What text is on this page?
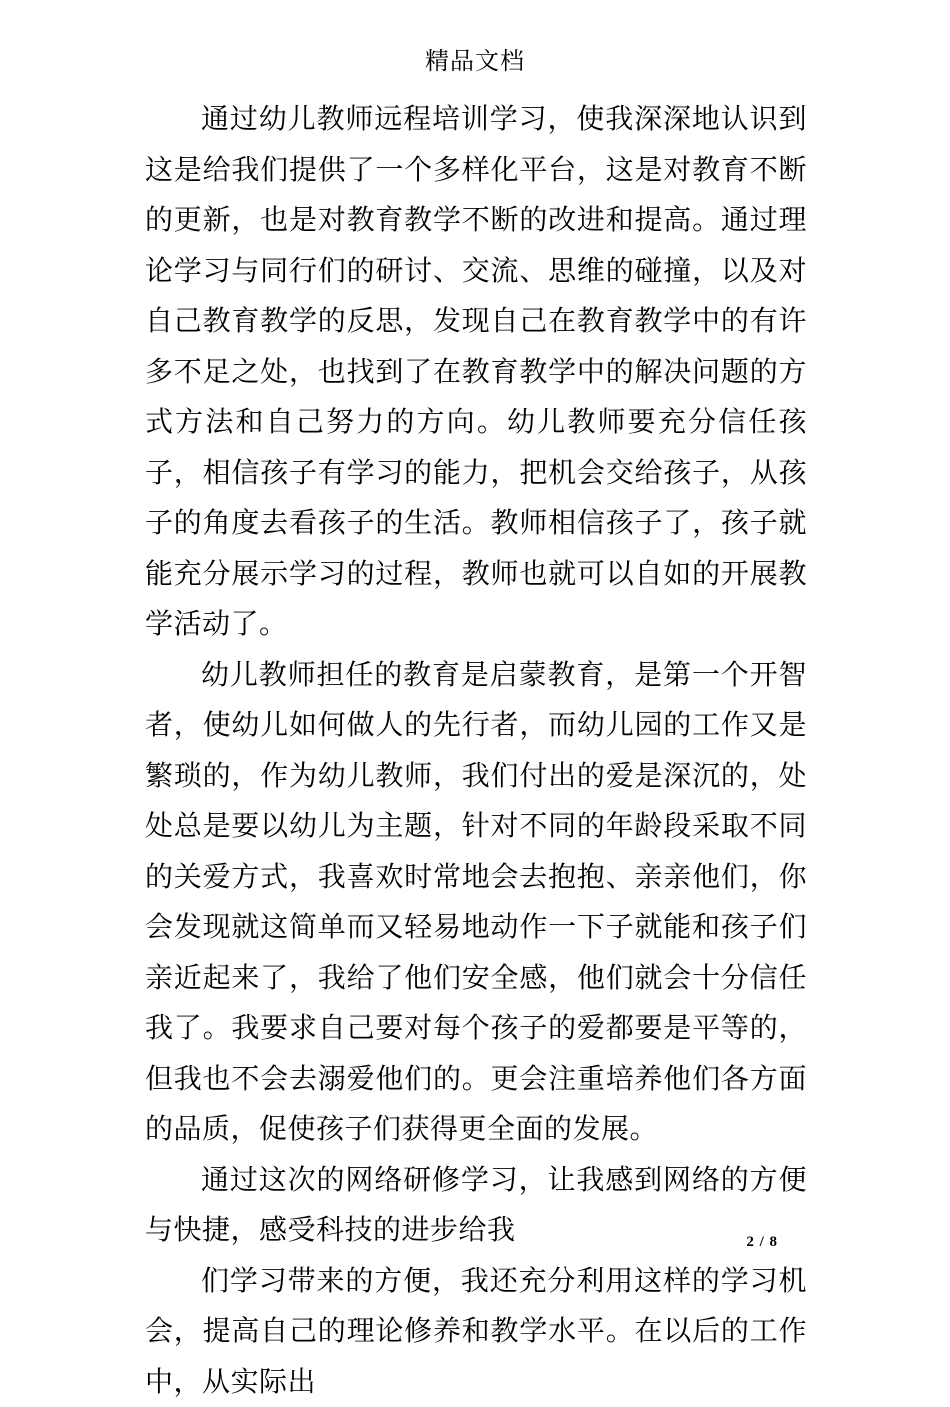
精品文档

通过幼儿教师远程培训学习，使我深深地认识到这是给我们提供了一个多样化平台，这是对教育不断的更新，也是对教育教学不断的改进和提高。通过理论学习与同行们的研讨、交流、思维的碰撞，以及对自己教育教学的反思，发现自己在教育教学中的有许多不足之处，也找到了在教育教学中的解决问题的方式方法和自己努力的方向。幼儿教师要充分信任孩子，相信孩子有学习的能力，把机会交给孩子，从孩子的角度去看孩子的生活。教师相信孩子了，孩子就能充分展示学习的过程，教师也就可以自如的开展教学活动了。

幼儿教师担任的教育是启蒙教育，是第一个开智者，使幼儿如何做人的先行者，而幼儿园的工作又是繁琐的，作为幼儿教师，我们付出的爱是深沉的，处处总是要以幼儿为主题，针对不同的年龄段采取不同的关爱方式，我喜欢时常地会去抱抱、亲亲他们，你会发现就这简单而又轻易地动作一下子就能和孩子们亲近起来了，我给了他们安全感，他们就会十分信任我了。我要求自己要对每个孩子的爱都要是平等的，但我也不会去溺爱他们的。更会注重培养他们各方面的品质，促使孩子们获得更全面的发展。

通过这次的网络研修学习，让我感到网络的方便与快捷，感受科技的进步给我

们学习带来的方便，我还充分利用这样的学习机会，提高自己的理论修养和教学水平。在以后的工作中，从实际出

2 / 8
